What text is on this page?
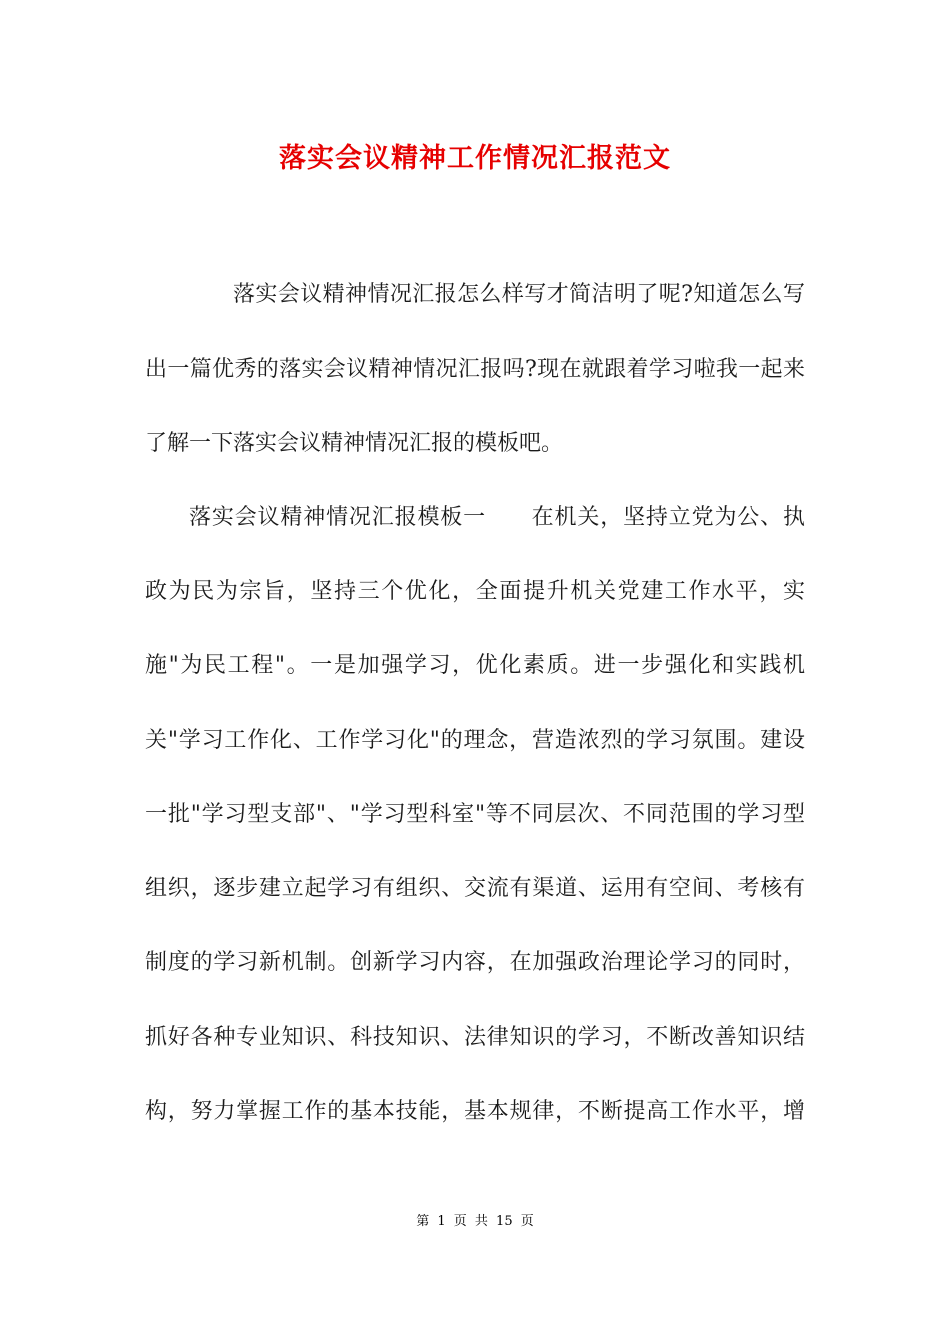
落实会议精神工作情况汇报范文
落实会议精神情况汇报怎么样写才简洁明了呢?知道怎么写
出一篇优秀的落实会议精神情况汇报吗?现在就跟着学习啦我一起来
了解一下落实会议精神情况汇报的模板吧。
落实会议精神情况汇报模板一　　在机关，坚持立党为公、执
政为民为宗旨，坚持三个优化，全面提升机关党建工作水平，实
施"为民工程"。一是加强学习，优化素质。进一步强化和实践机
关"学习工作化、工作学习化"的理念，营造浓烈的学习氛围。建设
一批"学习型支部"、"学习型科室"等不同层次、不同范围的学习型
组织，逐步建立起学习有组织、交流有渠道、运用有空间、考核有
制度的学习新机制。创新学习内容，在加强政治理论学习的同时，
抓好各种专业知识、科技知识、法律知识的学习，不断改善知识结
构，努力掌握工作的基本技能，基本规律，不断提高工作水平，增
第 1 页 共 15 页
